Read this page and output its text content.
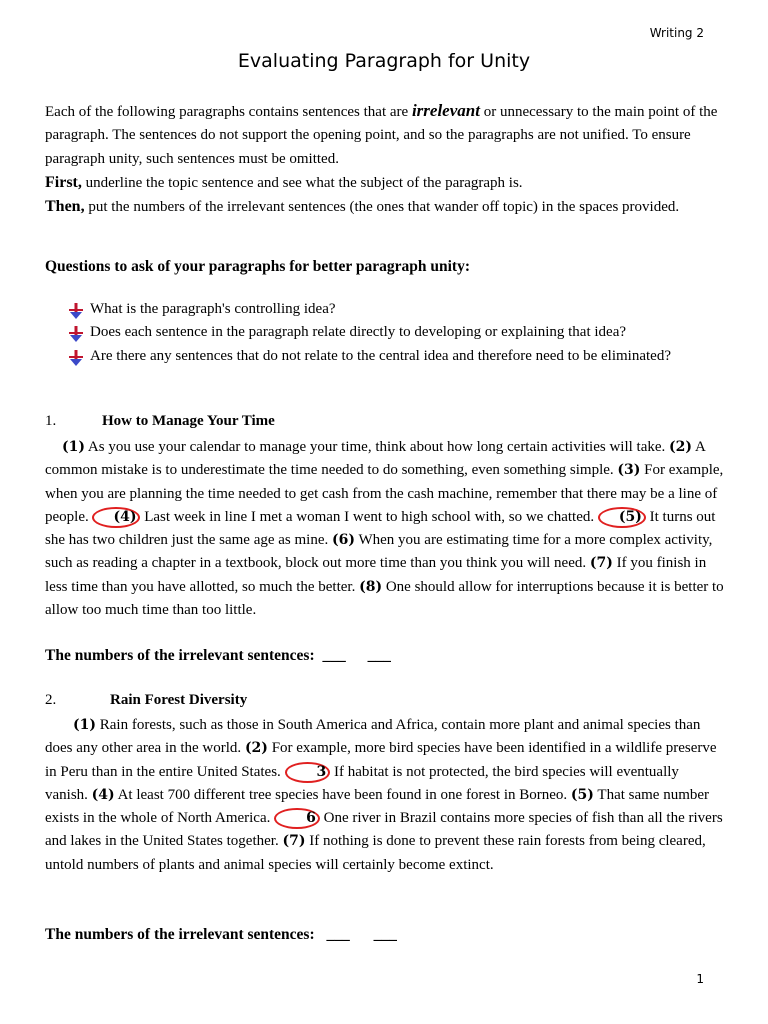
Writing 2
Evaluating Paragraph for Unity
Each of the following paragraphs contains sentences that are irrelevant or unnecessary to the main point of the paragraph. The sentences do not support the opening point, and so the paragraphs are not unified. To ensure paragraph unity, such sentences must be omitted.
First, underline the topic sentence and see what the subject of the paragraph is.
Then, put the numbers of the irrelevant sentences (the ones that wander off topic) in the spaces provided.
Questions to ask of your paragraphs for better paragraph unity:
What is the paragraph's controlling idea?
Does each sentence in the paragraph relate directly to developing or explaining that idea?
Are there any sentences that do not relate to the central idea and therefore need to be eliminated?
1.	How to Manage Your Time
(1) As you use your calendar to manage your time, think about how long certain activities will take. (2) A common mistake is to underestimate the time needed to do something, even something simple. (3) For example, when you are planning the time needed to get cash from the cash machine, remember that there may be a line of people. (4) Last week in line I met a woman I went to high school with, so we chatted. (5) It turns out she has two children just the same age as mine. (6) When you are estimating time for a more complex activity, such as reading a chapter in a textbook, block out more time than you think you will need. (7) If you finish in less time than you have allotted, so much the better. (8) One should allow for interruptions because it is better to allow too much time than too little.
The numbers of the irrelevant sentences: ___ ___
2.	Rain Forest Diversity
(1) Rain forests, such as those in South America and Africa, contain more plant and animal species than does any other area in the world. (2) For example, more bird species have been identified in a wildlife preserve in Peru than in the entire United States. 3 If habitat is not protected, the bird species will eventually vanish. (4) At least 700 different tree species have been found in one forest in Borneo. (5) That same number exists in the whole of North America. 6 One river in Brazil contains more species of fish than all the rivers and lakes in the United States together. (7) If nothing is done to prevent these rain forests from being cleared, untold numbers of plants and animal species will certainly become extinct.
The numbers of the irrelevant sentences: ___ ___
1
